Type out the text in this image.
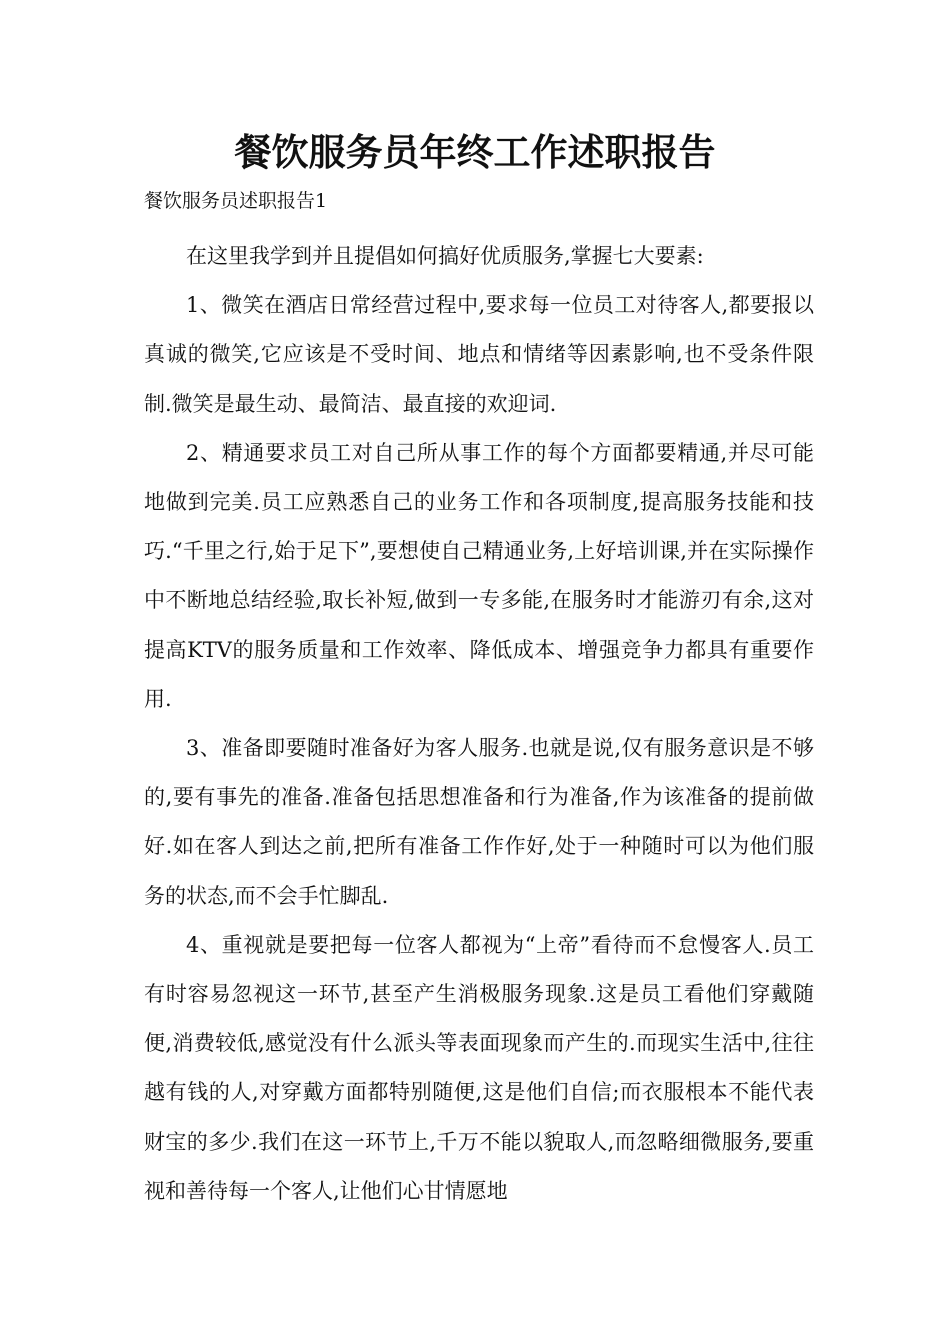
餐饮服务员年终工作述职报告

餐饮服务员述职报告1

在这里我学到并且提倡如何搞好优质服务,掌握七大要素:

1、微笑在酒店日常经营过程中,要求每一位员工对待客人,都要报以真诚的微笑,它应该是不受时间、地点和情绪等因素影响,也不受条件限制.微笑是最生动、最简洁、最直接的欢迎词.

2、精通要求员工对自己所从事工作的每个方面都要精通,并尽可能地做到完美.员工应熟悉自己的业务工作和各项制度,提高服务技能和技巧.“千里之行,始于足下”,要想使自己精通业务,上好培训课,并在实际操作中不断地总结经验,取长补短,做到一专多能,在服务时才能游刃有余,这对提高KTV的服务质量和工作效率、降低成本、增强竞争力都具有重要作用.

3、准备即要随时准备好为客人服务.也就是说,仅有服务意识是不够的,要有事先的准备.准备包括思想准备和行为准备,作为该准备的提前做好.如在客人到达之前,把所有准备工作作好,处于一种随时可以为他们服务的状态,而不会手忙脚乱.

4、重视就是要把每一位客人都视为“上帝”看待而不怠慢客人.员工有时容易忽视这一环节,甚至产生消极服务现象.这是员工看他们穿戴随便,消费较低,感觉没有什么派头等表面现象而产生的.而现实生活中,往往越有钱的人,对穿戴方面都特别随便,这是他们自信;而衣服根本不能代表财宝的多少.我们在这一环节上,千万不能以貌取人,而忽略细微服务,要重视和善待每一个客人,让他们心甘情愿地
